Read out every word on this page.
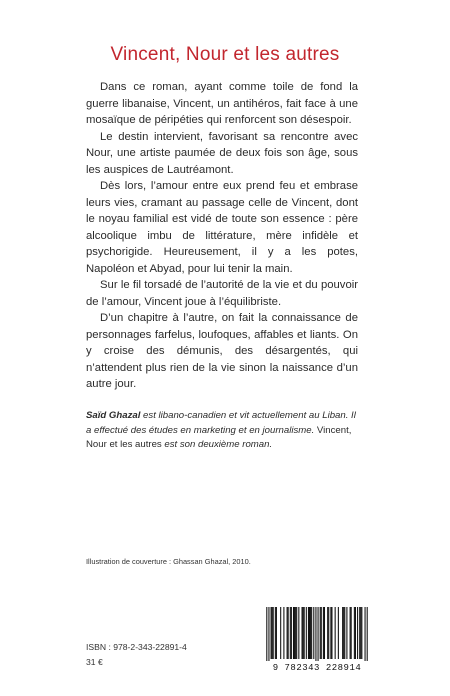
Vincent, Nour et les autres

Dans ce roman, ayant comme toile de fond la guerre libanaise, Vincent, un antihéros, fait face à une mosaïque de péripéties qui renforcent son désespoir.

Le destin intervient, favorisant sa rencontre avec Nour, une artiste paumée de deux fois son âge, sous les auspices de Lautréamont.

Dès lors, l’amour entre eux prend feu et embrase leurs vies, cramant au passage celle de Vincent, dont le noyau familial est vidé de toute son essence : père alcoolique imbu de littérature, mère infidèle et psychorigide. Heureusement, il y a les potes, Napoléon et Abyad, pour lui tenir la main.

Sur le fil torsadé de l’autorité de la vie et du pouvoir de l’amour, Vincent joue à l’équilibriste.

D’un chapitre à l’autre, on fait la connaissance de personnages farfelus, loufoques, affables et liants. On y croise des démunis, des désargentés, qui n’attendent plus rien de la vie sinon la naissance d’un autre jour.

Saïd Ghazal est libano-canadien et vit actuellement au Liban. Il a effectué des études en marketing et en journalisme. Vincent, Nour et les autres est son deuxième roman.

Illustration de couverture : Ghassan Ghazal, 2010.
ISBN : 978-2-343-22891-4
31 €
9 782343 228914
